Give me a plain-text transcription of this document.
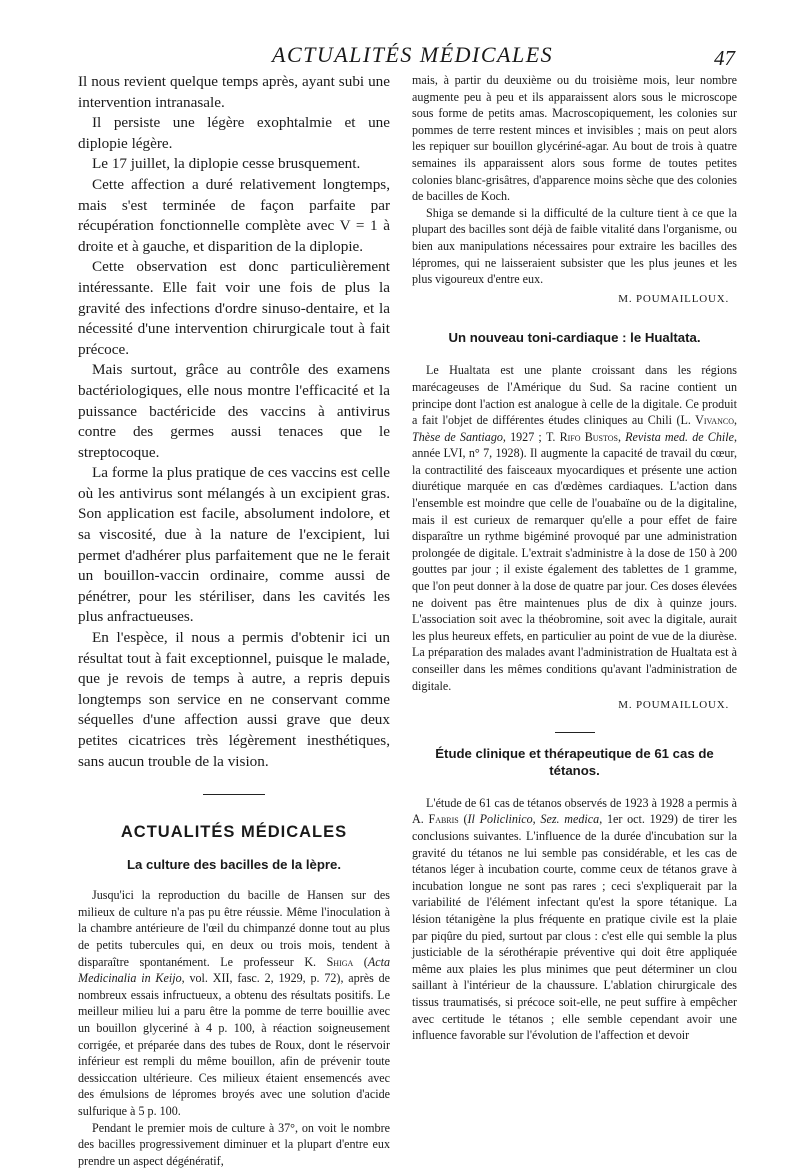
ACTUALITÉS MÉDICALES	47

Il nous revient quelque temps après, ayant subi une intervention intranasale.

Il persiste une légère exophtalmie et une diplopie légère.

Le 17 juillet, la diplopie cesse brusquement.

Cette affection a duré relativement longtemps, mais s'est terminée de façon parfaite par récupération fonctionnelle complète avec V = 1 à droite et à gauche, et disparition de la diplopie.

Cette observation est donc particulièrement intéressante. Elle fait voir une fois de plus la gravité des infections d'ordre sinuso-dentaire, et la nécessité d'une intervention chirurgicale tout à fait précoce.

Mais surtout, grâce au contrôle des examens bactériologiques, elle nous montre l'efficacité et la puissance bactéricide des vaccins à antivirus contre des germes aussi tenaces que le streptocoque.

La forme la plus pratique de ces vaccins est celle où les antivirus sont mélangés à un excipient gras. Son application est facile, absolument indolore, et sa viscosité, due à la nature de l'excipient, lui permet d'adhérer plus parfaitement que ne le ferait un bouillon-vaccin ordinaire, comme aussi de pénétrer, pour les stériliser, dans les cavités les plus anfractueuses.

En l'espèce, il nous a permis d'obtenir ici un résultat tout à fait exceptionnel, puisque le malade, que je revois de temps à autre, a repris depuis longtemps son service en ne conservant comme séquelles d'une affection aussi grave que deux petites cicatrices très légèrement inesthétiques, sans aucun trouble de la vision.

ACTUALITÉS MÉDICALES
La culture des bacilles de la lèpre.

Jusqu'ici la reproduction du bacille de Hansen sur des milieux de culture n'a pas pu être réussie. Même l'inoculation à la chambre antérieure de l'œil du chimpanzé donne tout au plus de petits tubercules qui, en deux ou trois mois, tendent à disparaître spontanément. Le professeur K. Shiga (Acta Medicinalia in Keijo, vol. XII, fasc. 2, 1929, p. 72), après de nombreux essais infructueux, a obtenu des résultats positifs. Le meilleur milieu lui a paru être la pomme de terre bouillie avec un bouillon glyceriné à 4 p. 100, à réaction soigneusement corrigée, et préparée dans des tubes de Roux, dont le réservoir inférieur est rempli du même bouillon, afin de prévenir toute dessiccation ultérieure. Ces milieux étaient ensemencés avec des émulsions de lépromes broyés avec une solution d'acide sulfurique à 5 p. 100.

Pendant le premier mois de culture à 37°, on voit le nombre des bacilles progressivement diminuer et la plupart d'entre eux prendre un aspect dégénératif,

mais, à partir du deuxième ou du troisième mois, leur nombre augmente peu à peu et ils apparaissent alors sous le microscope sous forme de petits amas. Macroscopiquement, les colonies sur pommes de terre restent minces et invisibles ; mais on peut alors les repiquer sur bouillon glycériné-agar. Au bout de trois à quatre semaines ils apparaissent alors sous forme de toutes petites colonies blanc-grisâtres, d'apparence moins sèche que des colonies de bacilles de Koch.

Shiga se demande si la difficulté de la culture tient à ce que la plupart des bacilles sont déjà de faible vitalité dans l'organisme, ou bien aux manipulations nécessaires pour extraire les bacilles des lépromes, qui ne laisseraient subsister que les plus jeunes et les plus vigoureux d'entre eux.

M. POUMAILLOUX.

Un nouveau toni-cardiaque : le Hualtata.

Le Hualtata est une plante croissant dans les régions marécageuses de l'Amérique du Sud. Sa racine contient un principe dont l'action est analogue à celle de la digitale. Ce produit a fait l'objet de différentes études cliniques au Chili (L. Vivanco, Thèse de Santiago, 1927 ; T. Rifo Bustos, Revista med. de Chile, année LVI, n° 7, 1928). Il augmente la capacité de travail du cœur, la contractilité des faisceaux myocardiques et présente une action diurétique marquée en cas d'œdèmes cardiaques. L'action dans l'ensemble est moindre que celle de l'ouabaïne ou de la digitaline, mais il est curieux de remarquer qu'elle a pour effet de faire disparaître un rythme bigéminé provoqué par une administration prolongée de digitale. L'extrait s'administre à la dose de 150 à 200 gouttes par jour ; il existe également des tablettes de 1 gramme, que l'on peut donner à la dose de quatre par jour. Ces doses élevées ne doivent pas être maintenues plus de dix à quinze jours. L'association soit avec la théobromine, soit avec la digitale, aurait les plus heureux effets, en particulier au point de vue de la diurèse. La préparation des malades avant l'administration de Hualtata est à conseiller dans les mêmes conditions qu'avant l'administration de digitale.

M. POUMAILLOUX.

Étude clinique et thérapeutique de 61 cas de tétanos.

L'étude de 61 cas de tétanos observés de 1923 à 1928 a permis à A. Fabris (Il Policlinico, Sez. medica, 1er oct. 1929) de tirer les conclusions suivantes. L'influence de la durée d'incubation sur la gravité du tétanos ne lui semble pas considérable, et les cas de tétanos léger à incubation courte, comme ceux de tétanos grave à incubation longue ne sont pas rares ; ceci s'expliquerait par la variabilité de l'élément infectant qu'est la spore tétanique. La lésion tétanigène la plus fréquente en pratique civile est la plaie par piqûre du pied, surtout par clous : c'est elle qui semble la plus justiciable de la sérothérapie préventive qui doit être appliquée même aux plaies les plus minimes que peut déterminer un clou saillant à l'intérieur de la chaussure. L'ablation chirurgicale des tissus traumatisés, si précoce soit-elle, ne peut suffire à empêcher avec certitude le tétanos ; elle semble cependant avoir une influence favorable sur l'évolution de l'affection et devoir
